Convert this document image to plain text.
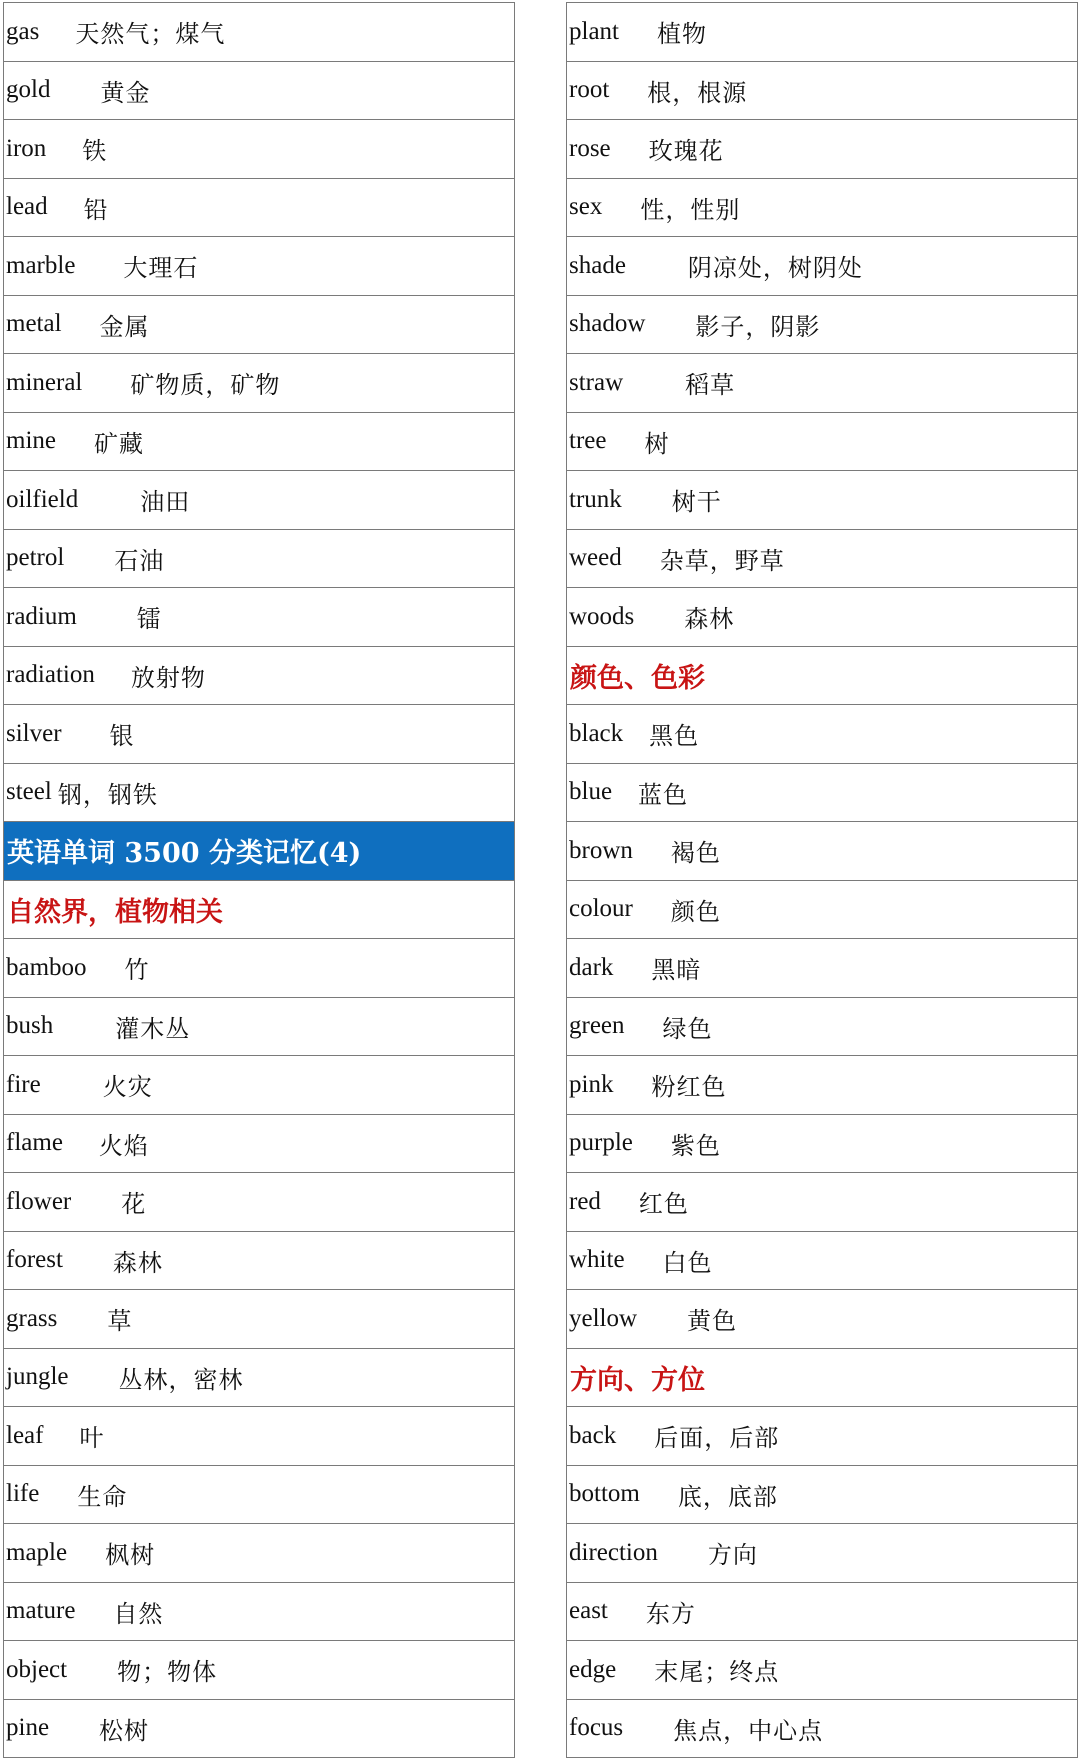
gas 天然气；煤气
gold 黄金
iron 铁
lead 铅
marble 大理石
metal 金属
mineral 矿物质，矿物
mine 矿藏
oilfield	油田
petrol 石油
radium	镭
radiation 放射物
silver 银
steel 钢，钢铁
英语单词 3500 分类记忆(4)
自然界，植物相关
bamboo 竹
bush	灌木丛
fire	火灾
flame 火焰
flower 花
forest 森林
grass 草
jungle 丛林，密林
leaf 叶
life 生命
maple 枫树
mature 自然
object 物；物体
pine 松树
plant 植物
root 根，根源
rose 玫瑰花
sex 性，性别
shade	阴凉处，树阴处
shadow 影子，阴影
straw	稻草
tree 树
trunk 树干
weed 杂草，野草
woods 森林
颜色、色彩
black 黑色
blue 蓝色
brown 褐色
colour 颜色
dark 黑暗
green 绿色
pink 粉红色
purple 紫色
red 红色
white 白色
yellow 黄色
方向、方位
back 后面，后部
bottom 底，底部
direction 方向
east 东方
edge 末尾；终点
focus 焦点，中心点
